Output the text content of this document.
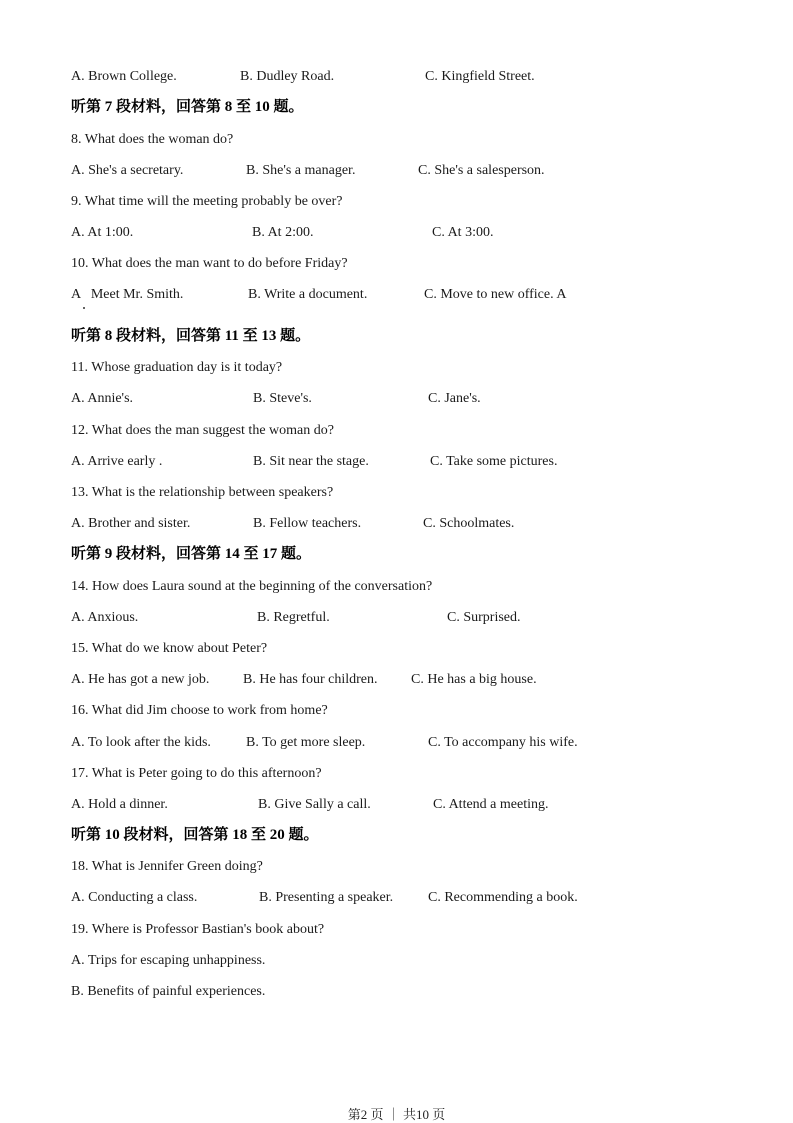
A. Brown College.	B. Dudley Road.	C. Kingfield Street.
听第 7 段材料，回答第 8 至 10 题。
8. What does the woman do?
A. She's a secretary.	B. She's a manager.	C. She's a salesperson.
9. What time will the meeting probably be over?
A. At 1:00.	B. At 2:00.	C. At 3:00.
10. What does the man want to do before Friday?
A   Meet Mr. Smith.	B. Write a document.	C. Move to new office. A
听第 8 段材料，回答第 11 至 13 题。
11. Whose graduation day is it today?
A. Annie's.	B. Steve's.	C. Jane's.
12. What does the man suggest the woman do?
A. Arrive early .	B. Sit near the stage.	C. Take some pictures.
13. What is the relationship between speakers?
A. Brother and sister.	B. Fellow teachers.	C. Schoolmates.
听第 9 段材料，回答第 14 至 17 题。
14. How does Laura sound at the beginning of the conversation?
A. Anxious.	B. Regretful.	C. Surprised.
15. What do we know about Peter?
A. He has got a new job. B. He has four children. C. He has a big house.
16. What did Jim choose to work from home?
A. To look after the kids.	B. To get more sleep.	C. To accompany his wife.
17. What is Peter going to do this afternoon?
A. Hold a dinner.	B. Give Sally a call.	C. Attend a meeting.
听第 10 段材料，回答第 18 至 20 题。
18. What is Jennifer Green doing?
A. Conducting a class.	B. Presenting a speaker. C. Recommending a book.
19. Where is Professor Bastian's book about?
A. Trips for escaping unhappiness.
B. Benefits of painful experiences.
第2 页 ｜ 共10 页
